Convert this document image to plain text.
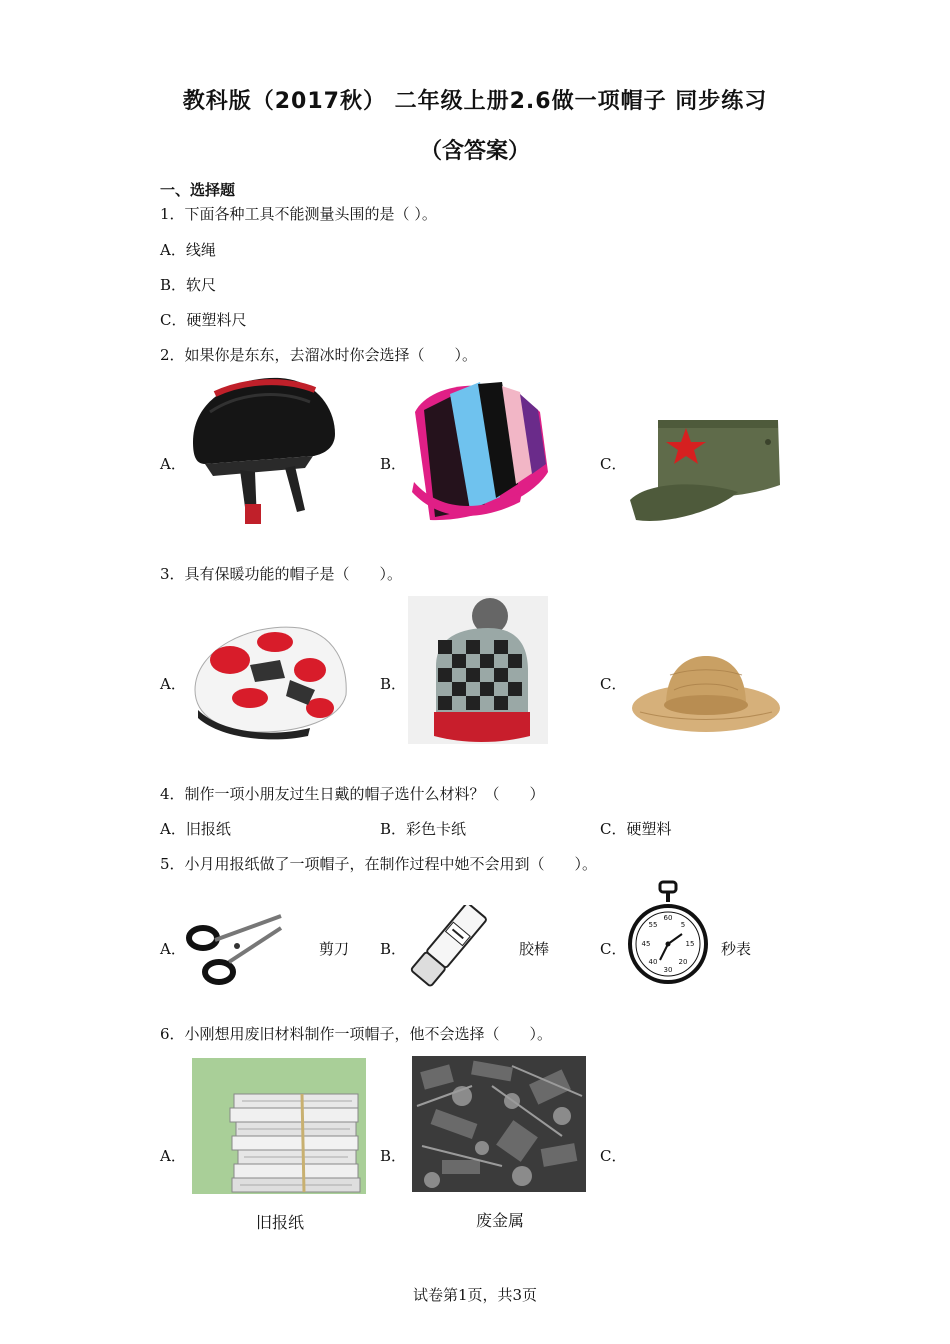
教科版（2017秋） 二年级上册2.6做一项帽子 同步练习
（含答案）
一、选择题
1．下面各种工具不能测量头围的是（ ）。
A．线绳
B．软尺
C．硬塑料尺
2．如果你是东东，去溜冰时你会选择（　　）。
A．	B．	C．
3．具有保暖功能的帽子是（　　）。
A．	B．	C．
4．制作一项小朋友过生日戴的帽子选什么材料？（　　）
A．旧报纸	B．彩色卡纸	C．硬塑料
5．小月用报纸做了一项帽子，在制作过程中她不会用到（　　）。
A．	B．	C．
剪刀	胶棒	秒表
60
15
30
45
5
55
20
40
6．小刚想用废旧材料制作一项帽子，他不会选择（　　）。
A．	B．	C．
旧报纸	废金属
试卷第1页，共3页
